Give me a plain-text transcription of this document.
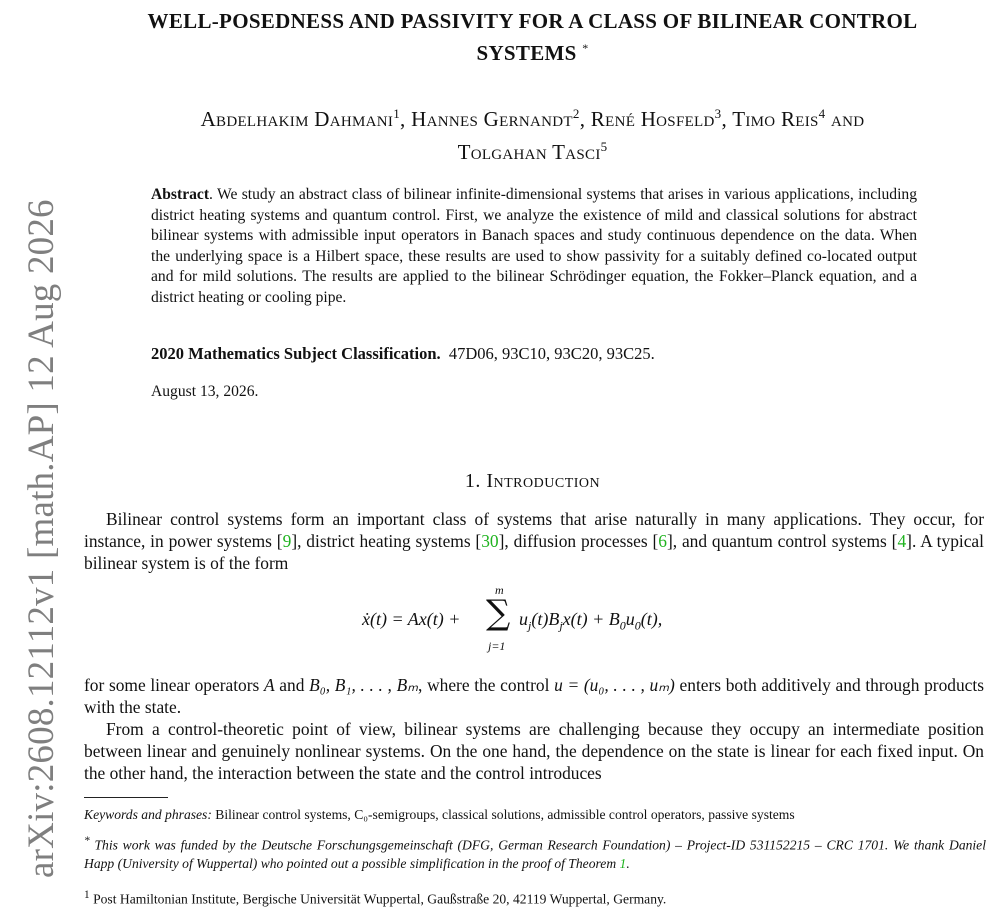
arXiv:2608.12112v1 [math.AP] 12 Aug 2026
WELL-POSEDNESS AND PASSIVITY FOR A CLASS OF BILINEAR CONTROL
SYSTEMS *
Abdelhakim Dahmani$^1$, Hannes Gernandt$^2$, René Hosfeld$^3$, Timo Reis$^4$ and
Tolgahan Tasci$^5$
Abstract. We study an abstract class of bilinear infinite-dimensional systems that arises in various applications, including district heating systems and quantum control. First, we analyze the existence of mild and classical solutions for abstract bilinear systems with admissible input operators in Banach spaces and study continuous dependence on the data. When the underlying space is a Hilbert space, these results are used to show passivity for a suitably defined co-located output and for mild solutions. The results are applied to the bilinear Schrödinger equation, the Fokker–Planck equation, and a district heating or cooling pipe.
2020 Mathematics Subject Classification. 47D06, 93C10, 93C20, 93C25.
August 13, 2026.
1. Introduction
Bilinear control systems form an important class of systems that arise naturally in many applications. They occur, for instance, in power systems [9], district heating systems [30], diffusion processes [6], and quantum control systems [4]. A typical bilinear system is of the form
ẋ(t) = Ax(t) +
m
∑
j=1
$u_j(t)B_jx(t) + B_0u_0(t)$,
for some linear operators A and B₀, B₁, . . . , Bₘ, where the control u = (u₀, . . . , uₘ) enters both additively and through products with the state.
From a control-theoretic point of view, bilinear systems are challenging because they occupy an intermediate position between linear and genuinely nonlinear systems. On the one hand, the dependence on the state is linear for each fixed input. On the other hand, the interaction between the state and the control introduces
Keywords and phrases: Bilinear control systems, C₀-semigroups, classical solutions, admissible control operators, passive systems
* This work was funded by the Deutsche Forschungsgemeinschaft (DFG, German Research Foundation) – Project-ID 531152215 – CRC 1701. We thank Daniel Happ (University of Wuppertal) who pointed out a possible simplification in the proof of Theorem 1.
$^1$ Post Hamiltonian Institute, Bergische Universität Wuppertal, Gaußstraße 20, 42119 Wuppertal, Germany.
